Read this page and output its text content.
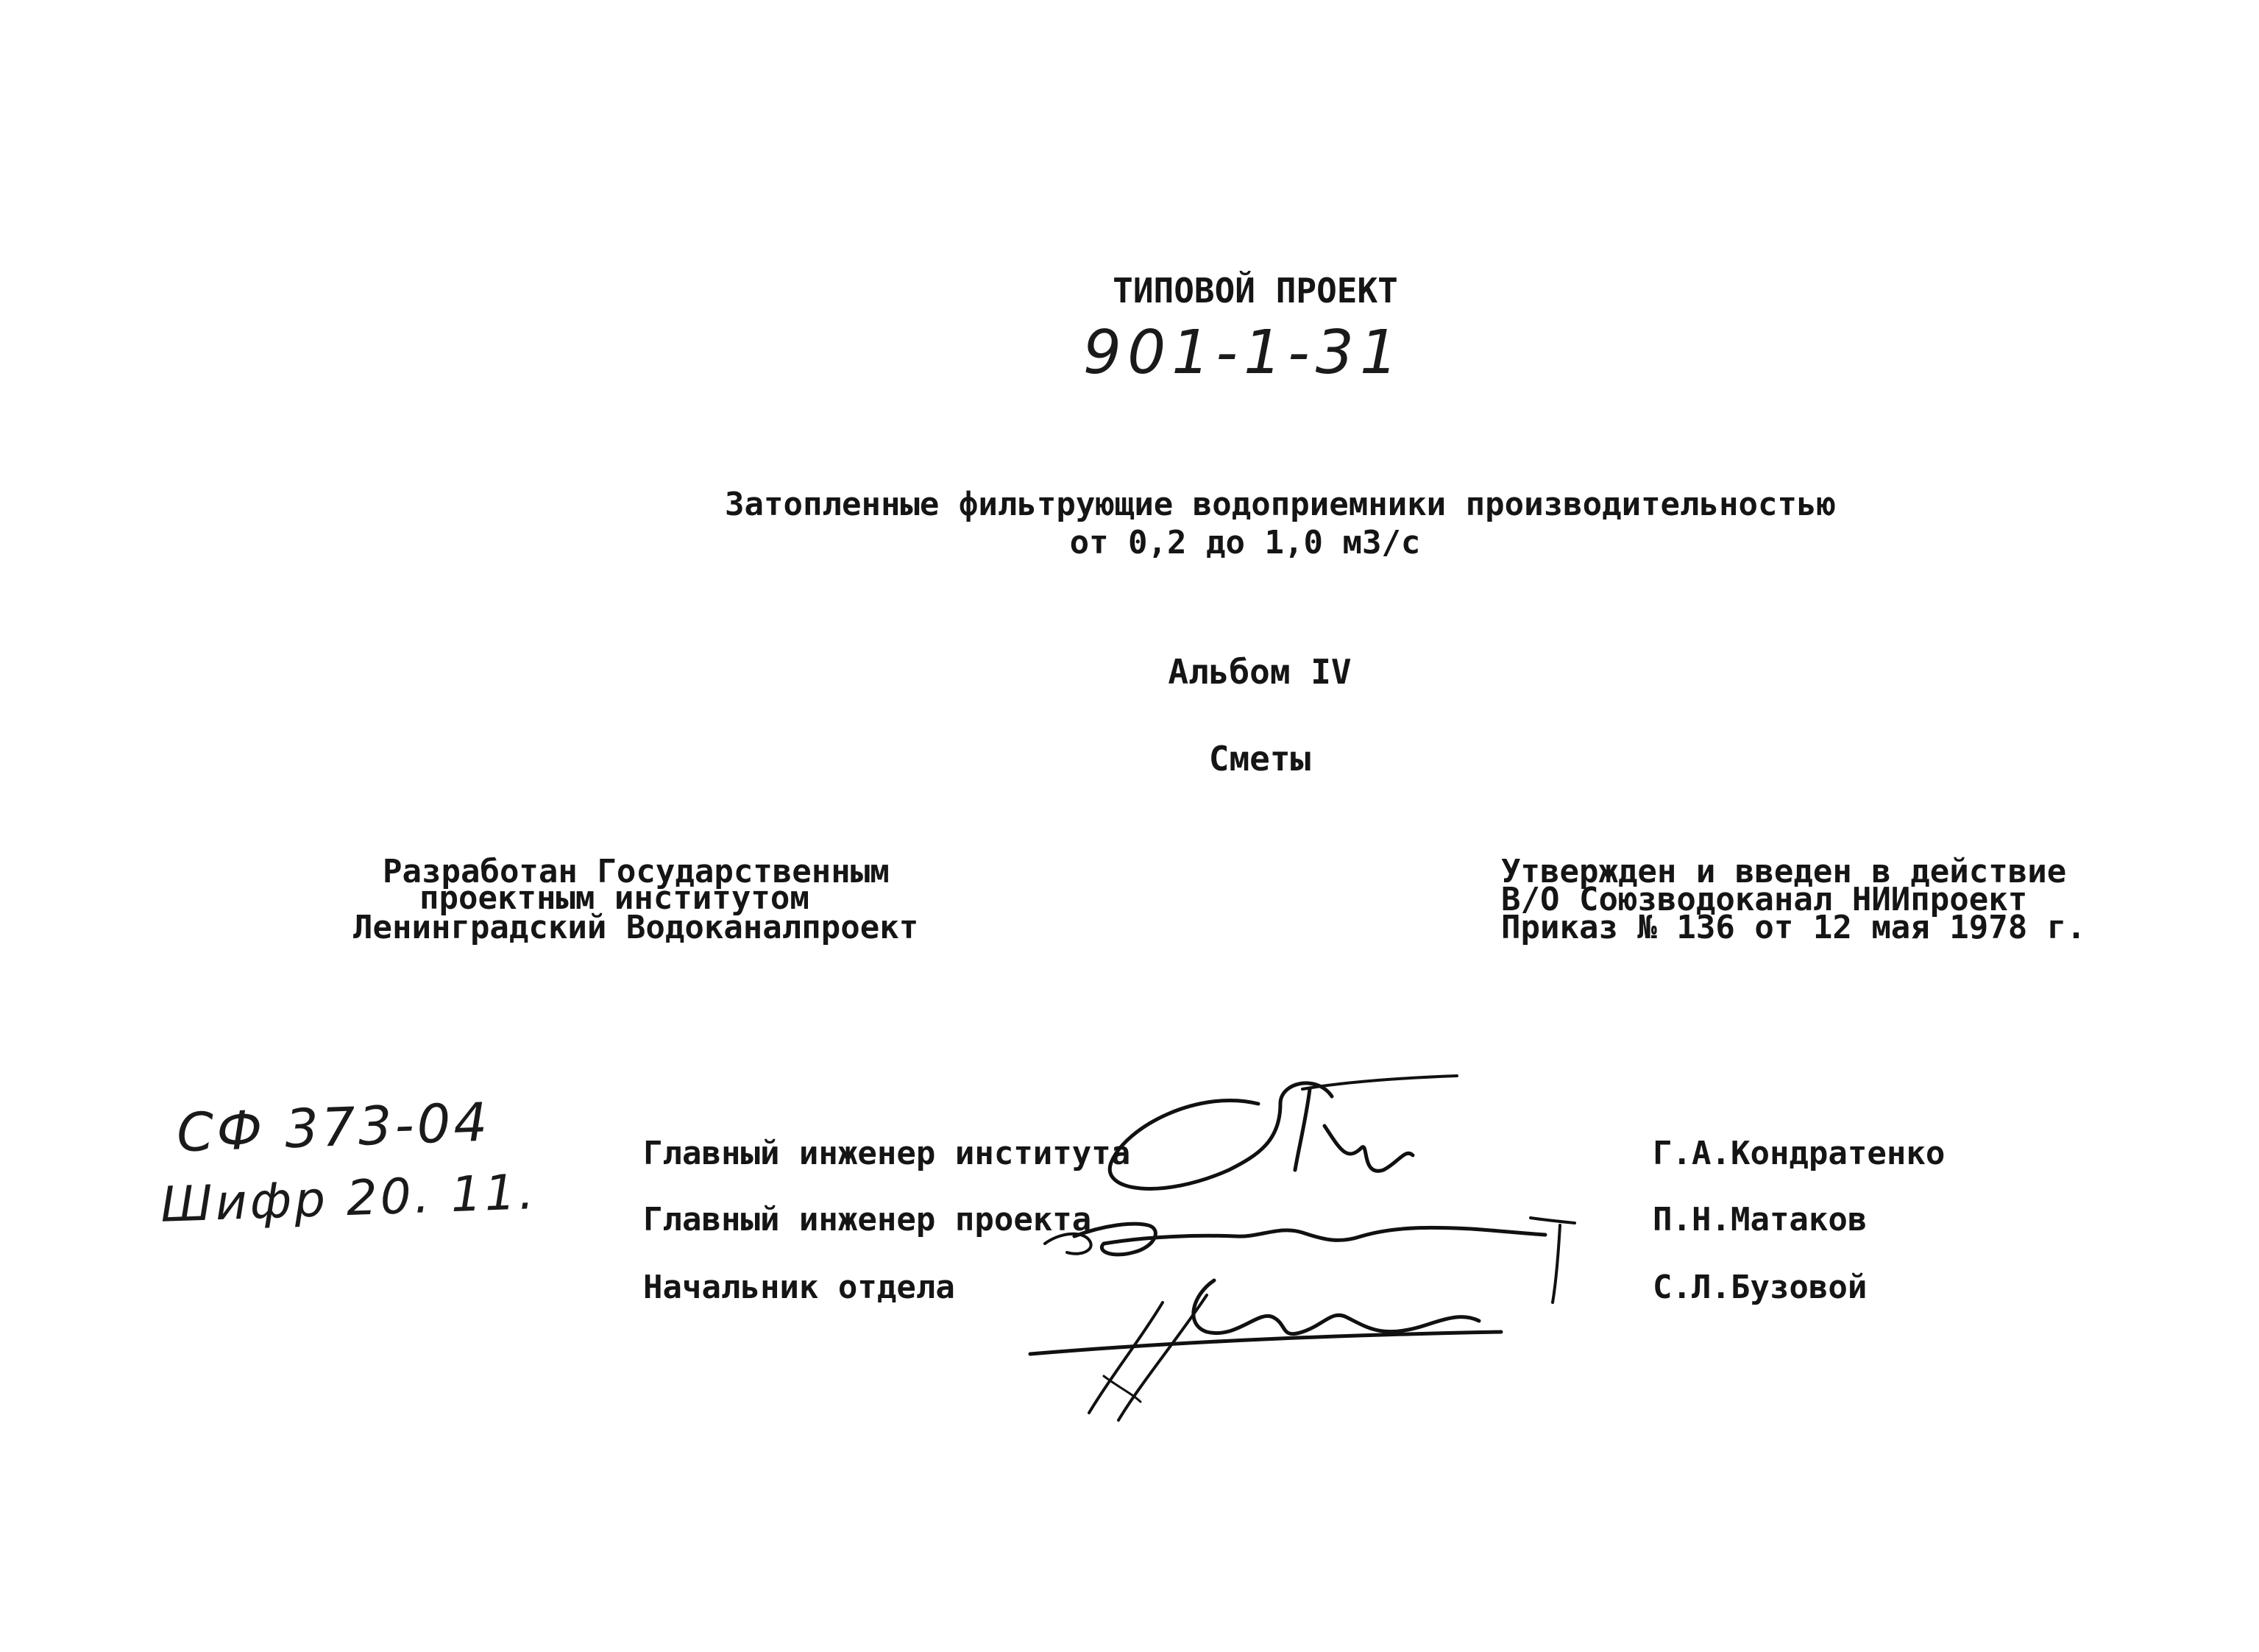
ТИПОВОЙ ПРОЕКТ
901-1-31
Затопленные фильтрующие водоприемники производительностью
от 0,2 до 1,0 м3/с
Альбом IV
Сметы
Разработан Государственным
проектным институтом
Ленинградский Водоканалпроект
Утвержден и введен в действие
В/О Союзводоканал НИИпроект
Приказ № 136 от 12 мая 1978 г.
СФ 373-04
Шифр 20. 11.
Главный инженер института
Главный инженер проекта
Начальник отдела
Г.А.Кондратенко
П.Н.Матаков
С.Л.Бузовой
